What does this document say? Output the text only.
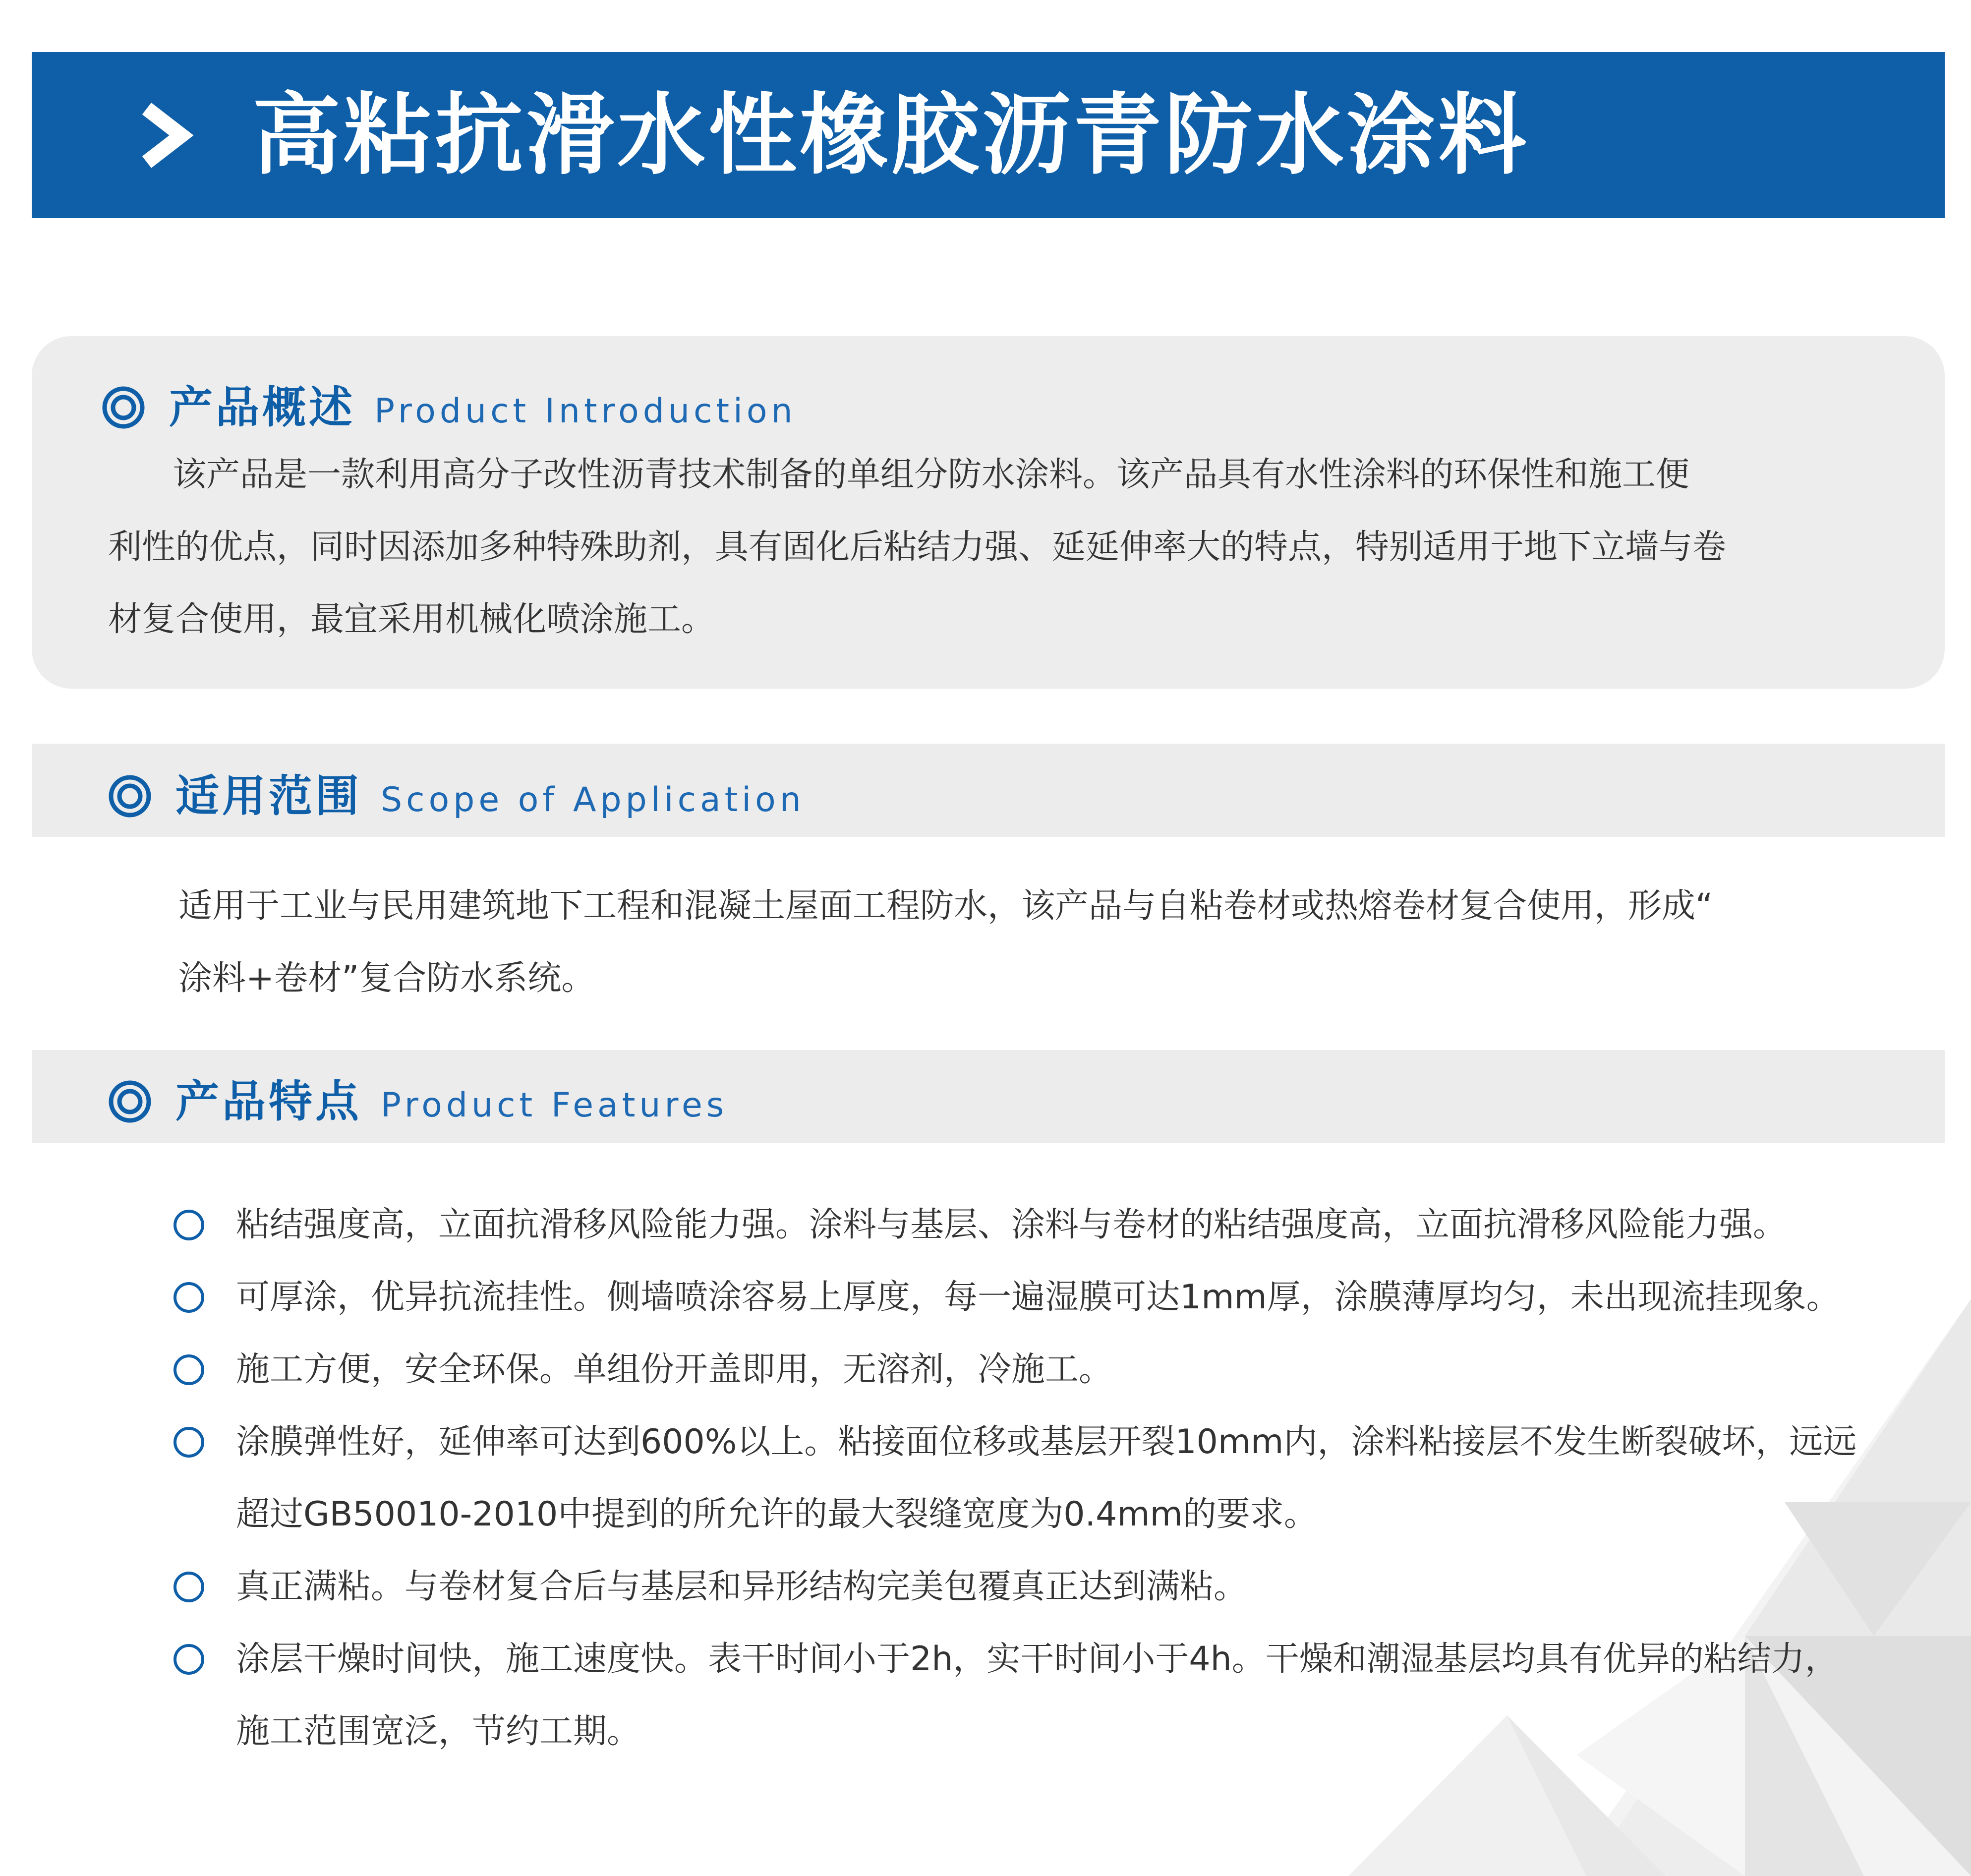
高粘抗滑水性橡胶沥青防水涂料
产品概述 Product Introduction

该产品是一款利用高分子改性沥青技术制备的单组分防水涂料。该产品具有水性涂料的环保性和施工便

利性的优点，同时因添加多种特殊助剂，具有固化后粘结力强、延延伸率大的特点，特别适用于地下立墙与卷

材复合使用，最宜采用机械化喷涂施工。

适用范围 Scope of Application

适用于工业与民用建筑地下工程和混凝土屋面工程防水，该产品与自粘卷材或热熔卷材复合使用，形成“

涂料+卷材”复合防水系统。

产品特点 Product Features
粘结强度高，立面抗滑移风险能力强。涂料与基层、涂料与卷材的粘结强度高，立面抗滑移风险能力强。
可厚涂，优异抗流挂性。侧墙喷涂容易上厚度，每一遍湿膜可达1mm厚，涂膜薄厚均匀，未出现流挂现象。
施工方便，安全环保。单组份开盖即用，无溶剂，冷施工。
涂膜弹性好，延伸率可达到600%以上。粘接面位移或基层开裂10mm内，涂料粘接层不发生断裂破坏，远远超过GB50010-2010中提到的所允许的最大裂缝宽度为0.4mm的要求。
真正满粘。与卷材复合后与基层和异形结构完美包覆真正达到满粘。
涂层干燥时间快，施工速度快。表干时间小于2h，实干时间小于4h。干燥和潮湿基层均具有优异的粘结力，施工范围宽泛，节约工期。
